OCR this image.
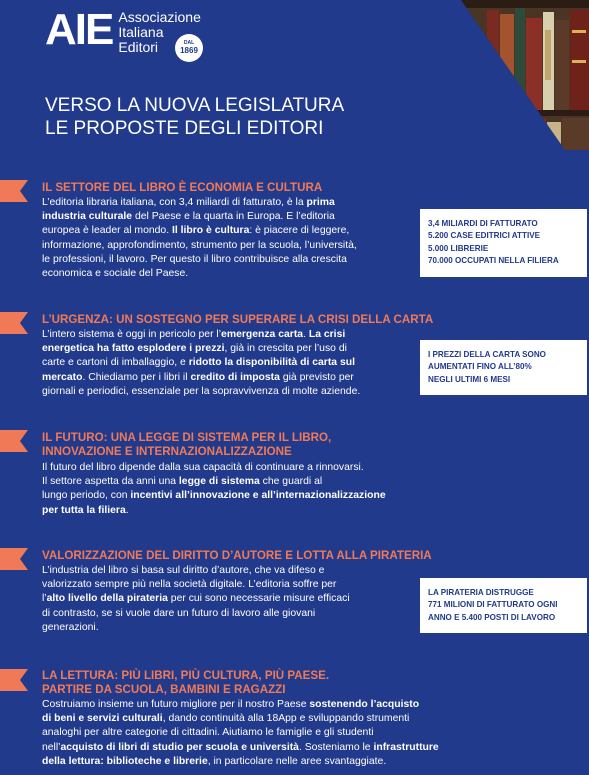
AIE Associazione
Italiana
Editori	DAL
1869
VERSO LA NUOVA LEGISLATURA
LE PROPOSTE DEGLI EDITORI
IL SETTORE DEL LIBRO È ECONOMIA E CULTURA
L’editoria libraria italiana, con 3,4 miliardi di fatturato, è la prima
industria culturale del Paese e la quarta in Europa. E l’editoria
europea è leader al mondo. Il libro è cultura: è piacere di leggere,
informazione, approfondimento, strumento per la scuola, l’università,
le professioni, il lavoro. Per questo il libro contribuisce alla crescita
economica e sociale del Paese.
3,4 MILIARDI DI FATTURATO
5.200 CASE EDITRICI ATTIVE
5.000 LIBRERIE
70.000 OCCUPATI NELLA FILIERA
L’URGENZA: UN SOSTEGNO PER SUPERARE LA CRISI DELLA CARTA
L’intero sistema è oggi in pericolo per l’emergenza carta. La crisi
energetica ha fatto esplodere i prezzi, già in crescita per l’uso di
carte e cartoni di imballaggio, e ridotto la disponibilità di carta sul
mercato. Chiediamo per i libri il credito di imposta già previsto per
giornali e periodici, essenziale per la sopravvivenza di molte aziende.
I PREZZI DELLA CARTA SONO
AUMENTATI FINO ALL’80%
NEGLI ULTIMI 6 MESI
IL FUTURO: UNA LEGGE DI SISTEMA PER IL LIBRO,
INNOVAZIONE E INTERNAZIONALIZZAZIONE
Il futuro del libro dipende dalla sua capacità di continuare a rinnovarsi.
Il settore aspetta da anni una legge di sistema che guardi al
lungo periodo, con incentivi all’innovazione e all’internazionalizzazione
per tutta la filiera.
VALORIZZAZIONE DEL DIRITTO D’AUTORE E LOTTA ALLA PIRATERIA
L’industria del libro si basa sul diritto d’autore, che va difeso e
valorizzato sempre più nella società digitale. L’editoria soffre per
l’alto livello della pirateria per cui sono necessarie misure efficaci
di contrasto, se si vuole dare un futuro di lavoro alle giovani
generazioni.
LA PIRATERIA DISTRUGGE
771 MILIONI DI FATTURATO OGNI
ANNO E 5.400 POSTI DI LAVORO
LA LETTURA: PIÙ LIBRI, PIÙ CULTURA, PIÙ PAESE.
PARTIRE DA SCUOLA, BAMBINI E RAGAZZI
Costruiamo insieme un futuro migliore per il nostro Paese sostenendo l’acquisto
di beni e servizi culturali, dando continuità alla 18App e sviluppando strumenti
analoghi per altre categorie di cittadini. Aiutiamo le famiglie e gli studenti
nell’acquisto di libri di studio per scuola e università. Sosteniamo le infrastrutture
della lettura: biblioteche e librerie, in particolare nelle aree svantaggiate.
